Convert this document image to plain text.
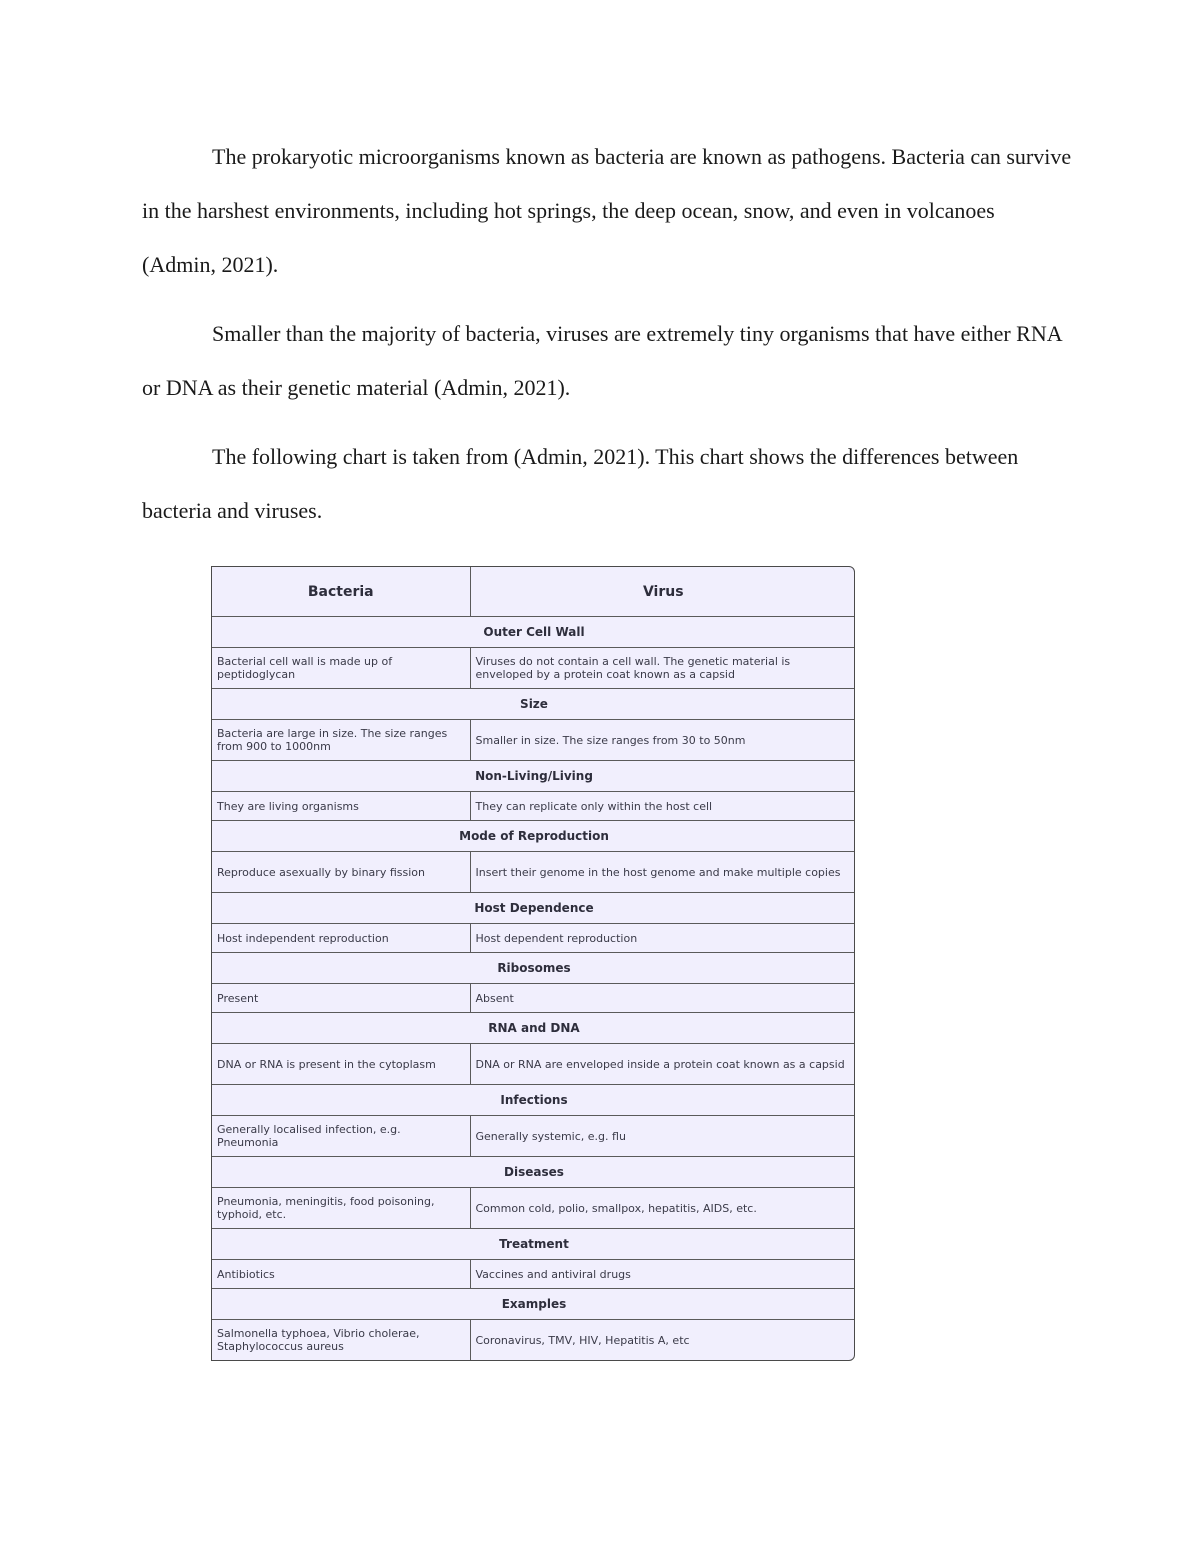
The prokaryotic microorganisms known as bacteria are known as pathogens. Bacteria can survive in the harshest environments, including hot springs, the deep ocean, snow, and even in volcanoes (Admin, 2021).

Smaller than the majority of bacteria, viruses are extremely tiny organisms that have either RNA or DNA as their genetic material (Admin, 2021).

The following chart is taken from (Admin, 2021). This chart shows the differences between bacteria and viruses.

Bacteria	Virus
Outer Cell Wall	
Bacterial cell wall is made up of peptidoglycan	Viruses do not contain a cell wall. The genetic material is enveloped by a protein coat known as a capsid
Size	
Bacteria are large in size. The size ranges from 900 to 1000nm	Smaller in size. The size ranges from 30 to 50nm
Non-Living/Living	
They are living organisms	They can replicate only within the host cell
Mode of Reproduction	
Reproduce asexually by binary fission	Insert their genome in the host genome and make multiple copies
Host Dependence	
Host independent reproduction	Host dependent reproduction
Ribosomes	
Present	Absent
RNA and DNA	
DNA or RNA is present in the cytoplasm	DNA or RNA are enveloped inside a protein coat known as a capsid
Infections	
Generally localised infection, e.g. Pneumonia	Generally systemic, e.g. flu
Diseases	
Pneumonia, meningitis, food poisoning, typhoid, etc.	Common cold, polio, smallpox, hepatitis, AIDS, etc.
Treatment	
Antibiotics	Vaccines and antiviral drugs
Examples	
Salmonella typhoea, Vibrio cholerae, Staphylococcus aureus	Coronavirus, TMV, HIV, Hepatitis A, etc
